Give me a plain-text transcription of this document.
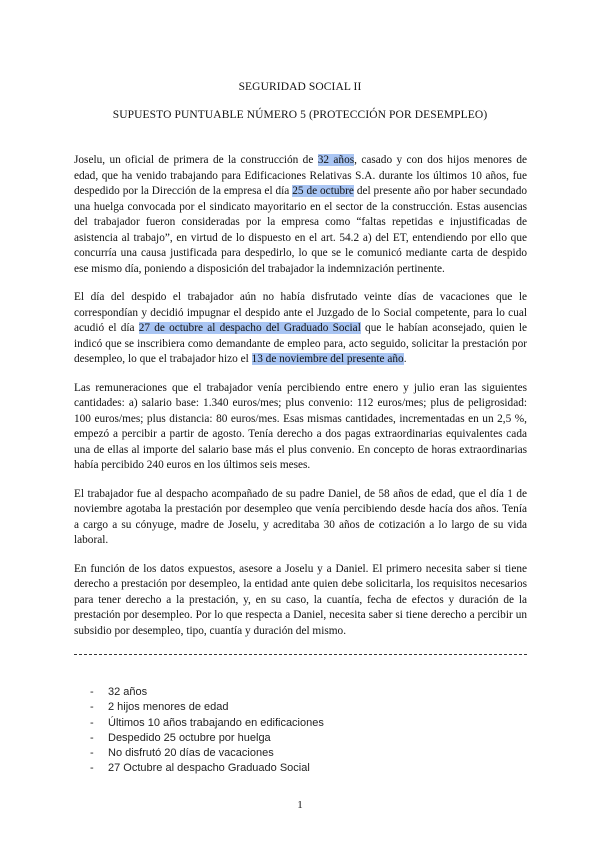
SEGURIDAD SOCIAL II
SUPUESTO PUNTUABLE NÚMERO 5 (PROTECCIÓN POR DESEMPLEO)

Joselu, un oficial de primera de la construcción de 32 años, casado y con dos hijos menores de edad, que ha venido trabajando para Edificaciones Relativas S.A. durante los últimos 10 años, fue despedido por la Dirección de la empresa el día 25 de octubre del presente año por haber secundado una huelga convocada por el sindicato mayoritario en el sector de la construcción. Estas ausencias del trabajador fueron consideradas por la empresa como “faltas repetidas e injustificadas de asistencia al trabajo”, en virtud de lo dispuesto en el art. 54.2 a) del ET, entendiendo por ello que concurría una causa justificada para despedirlo, lo que se le comunicó mediante carta de despido ese mismo día, poniendo a disposición del trabajador la indemnización pertinente.

El día del despido el trabajador aún no había disfrutado veinte días de vacaciones que le correspondían y decidió impugnar el despido ante el Juzgado de lo Social competente, para lo cual acudió el día 27 de octubre al despacho del Graduado Social que le habían aconsejado, quien le indicó que se inscribiera como demandante de empleo para, acto seguido, solicitar la prestación por desempleo, lo que el trabajador hizo el 13 de noviembre del presente año.

Las remuneraciones que el trabajador venía percibiendo entre enero y julio eran las siguientes cantidades: a) salario base: 1.340 euros/mes; plus convenio: 112 euros/mes; plus de peligrosidad: 100 euros/mes; plus distancia: 80 euros/mes. Esas mismas cantidades, incrementadas en un 2,5 %, empezó a percibir a partir de agosto. Tenía derecho a dos pagas extraordinarias equivalentes cada una de ellas al importe del salario base más el plus convenio. En concepto de horas extraordinarias había percibido 240 euros en los últimos seis meses.

El trabajador fue al despacho acompañado de su padre Daniel, de 58 años de edad, que el día 1 de noviembre agotaba la prestación por desempleo que venía percibiendo desde hacía dos años. Tenía a cargo a su cónyuge, madre de Joselu, y acreditaba 30 años de cotización a lo largo de su vida laboral.

En función de los datos expuestos, asesore a Joselu y a Daniel. El primero necesita saber si tiene derecho a prestación por desempleo, la entidad ante quien debe solicitarla, los requisitos necesarios para tener derecho a la prestación, y, en su caso, la cuantía, fecha de efectos y duración de la prestación por desempleo. Por lo que respecta a Daniel, necesita saber si tiene derecho a percibir un subsidio por desempleo, tipo, cuantía y duración del mismo.

- 32 años
- 2 hijos menores de edad
- Últimos 10 años trabajando en edificaciones
- Despedido 25 octubre por huelga
- No disfrutó 20 días de vacaciones
- 27 Octubre al despacho Graduado Social
1
